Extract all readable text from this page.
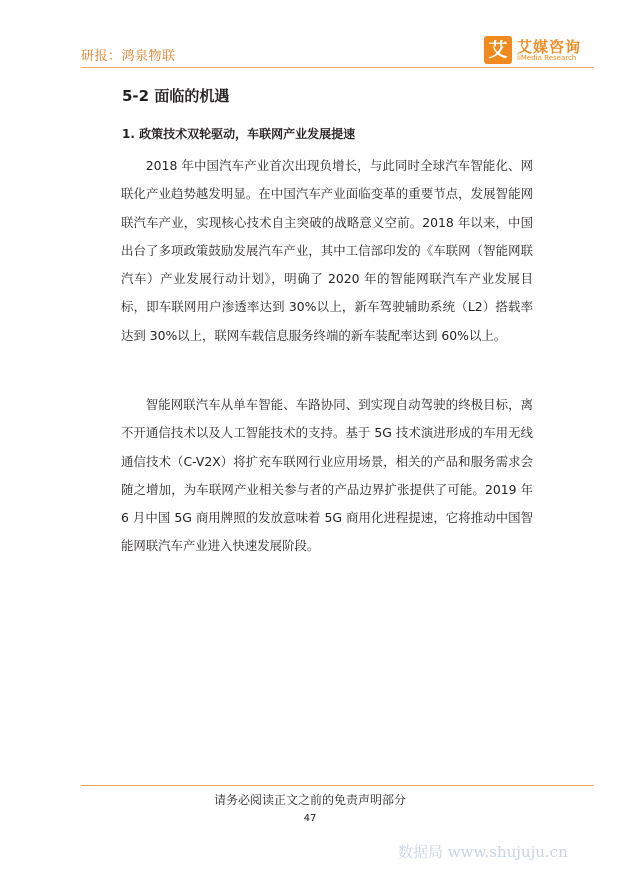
研报：鸿泉物联	艾 艾媒咨询
iiMedia Research
5-2 面临的机遇
1. 政策技术双轮驱动，车联网产业发展提速

2018 年中国汽车产业首次出现负增长，与此同时全球汽车智能化、网联化产业趋势越发明显。在中国汽车产业面临变革的重要节点，发展智能网联汽车产业，实现核心技术自主突破的战略意义空前。2018 年以来，中国出台了多项政策鼓励发展汽车产业，其中工信部印发的《车联网（智能网联汽车）产业发展行动计划》，明确了 2020 年的智能网联汽车产业发展目标，即车联网用户渗透率达到 30%以上，新车驾驶辅助系统（L2）搭载率达到 30%以上，联网车载信息服务终端的新车装配率达到 60%以上。

智能网联汽车从单车智能、车路协同、到实现自动驾驶的终极目标，离不开通信技术以及人工智能技术的支持。基于 5G 技术演进形成的车用无线通信技术（C-V2X）将扩充车联网行业应用场景，相关的产品和服务需求会随之增加，为车联网产业相关参与者的产品边界扩张提供了可能。2019 年 6 月中国 5G 商用牌照的发放意味着 5G 商用化进程提速，它将推动中国智能网联汽车产业进入快速发展阶段。

请务必阅读正文之前的免责声明部分
47
数据局 www.shujuju.cn
